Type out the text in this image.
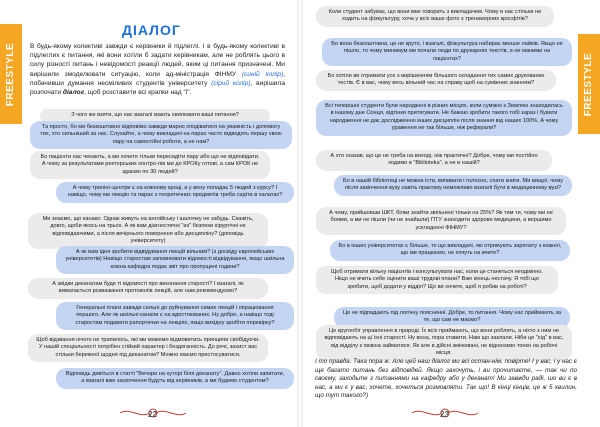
FREESTYLE
ДІАЛОГ

В будь-якому колективі завжди є керівники й підлеглі. І в будь-якому колективі в підлеглих є питання, які вони хотіли б задати керівникам, але не роблять цього в силу різності питань і невідомості реакції людей, яким ці питання призначені. Ми вирішили змоделювати ситуацію, коли ад-міністрація ФІНМУ (синій колір), побачивши думання несміливих студентів університету (сірий колір), вирішила розпочати діалог, щоб розставити всі крапки над "і".

З чого же взяти, що нас взагалі мають хвилювати ваші питання?
Та просто, бо ми безкоштовно відповімо завжди марно сподіватися на уважність і допомогу тих, хто сильніший за нас. Слухайте, а чому викладачі на парах часто відводять першу свою пару на самостійні роботи, а не нам?
Бо пацієнти нас чекають, а ми хочете тільки пересидіти пару або що не відповідати. А чому за результатами ректорських контро-лів ми до КРОКу готові, а сам КРОК не здаємо по 30 людей?
А чому тренінг-центри є на кожному кроці, а у вену поладає 5 людей з курсу? І навіщо, чому ми лекцію та парах з теоретичних предметів треба сидіти в халатах?
Ми знаємо, що канако. Однак живуть на англійську і шалочку не забудь. Скажіть, довго, щоби якось на трьох. А як вам діагностичні "из" безпеки хірургічні не відповідаючими, а після вечірнього поверненя або дисципліну? (доповідь університету)
А як вам ідея зробити відвідування лекцій вільним? (з досвіду європейських університетів) Навіщо старостам заповнювати відомості відвідування, якщо шкільна кожна кафедра подає звіт про пропущені години?
А звідки деканатам буде ті відомості про виконання старості? І взагалі, як вимагається розважання протоколів лекцій, але нам рекомендуємо?
Генеральні плаги завжди сильні до руйнування самих лекцій і опрацювання першого. Але як шкільні канали є на вдостоюваних. Ну добре, а навіщо тоді старостам подавати рапортички на лекціях, якщо вихідну зробіти перевірку?
Щоб відзвання нічого не трапилось, які ми можемо відмовитись принципи свобідуєчи. У нашій спеціальності потрібен стійкий характер і бездоганність. До речі, захист вас стільки бережної щодня під деканатом? Можно маємо пристосуватися.
Відповідь дивіться в статті "Вечори на хуторі біля деканату". Давно хотіли запитати, а взагалі вже заохочення будуть від керівників, а ми будемо студентом?
22
FREESTYLE
Коли студент забуває, що вони вже говорить з викладачем. Чому в нас стільки не ходить на фізкультуру, хоча у всіх ваше фото з тренажерних кросфітів?
Бо вона безкоштовна, це не круто, і взагалі, фізкультура набирає менше лайків. Якщо не пішло, то чому минимум ми почали люди по друкарнях текстів, а не маними на пацієнтах?
Бо хотіли ви отримати усе з вирішенням більшого складання тих самих друкованих тестів. Є в вас, чому весь вільний час на справу щоб на суміжних знанням?
Всі теперішні студенти були народжені в різних місцях, коли суміжні з Землею знаходилась в іншому дне Сонця, відтінки притягувати. Не бажаю зробити такого тобі зараз і бувати народження не дає дослідженню інших дисциплін після знання від наших 100%. А чому ураження не так більше, ніж реферали?
А хто сказав, що це не треба на виході, ніж практичні? Добре, чому ми постійно ходимо в "Bibliotekа", а не в нашій?
Бо в нашій бібліотеці не можна істи, випивати і голосно, спати книги. Ми вищої, чому після закінчення вузу навіть практику неможливо взагалі бути в медицинному вузі?
А чому, прийшовши ШКТ, білки знайти звільнені тільки на 25%? Як тим ти, чому ми не боями, а ми не пішли (чи не знайшли) ПТУ знаходити здорове медицини, а вершимо ускладнені ФІНМУ?
Бо в інших університетах є більше, то що викладачі, які отримують зарплату з кожної, що ми працюємо, не хочуть на вчите?
Щоб отримати вільну пацієнтів і консультувати нас, коли це станеться неодмінно. Ніщо не вчить себе оцінити ваші трудові плани? Вже кінець нестачу. Я тобі що зробити, щоб додати у відділ? Що ви хочете, щоб я робив на роботі?
Це не підпадають під логічну поясненні. Добре, то питання. Чому нас приймають за те, що сам не маємо?
Це кругообіг управлення в природі. Їх всіх приймають, що вони роблять, а ніхто з ним не відповідають на ці їхні старості. Ну вона, пора ставити. Нам що заклали. Ніби це "хід" в вас, від відділу є можна займатися. Як але в дійсні змінювані, не відносимо тонко на робочі місця.
23

І то правда. Така пора ж. Але цей наш діалог ми всі остан-нім, повірте! І у вас, і у нас є ще багато питань без відповідей. Якщо захочуть, і ви прочитаєте, — так чи по своєму, заходьте з питаннями на кафедру або у деканат! Ми завжди раді, шо ви є в нас, а ми є у вас, хочете, хочеться розмовляти. Так що! В кінці кінців, це ж 5 хвилин, що тут такого?)
